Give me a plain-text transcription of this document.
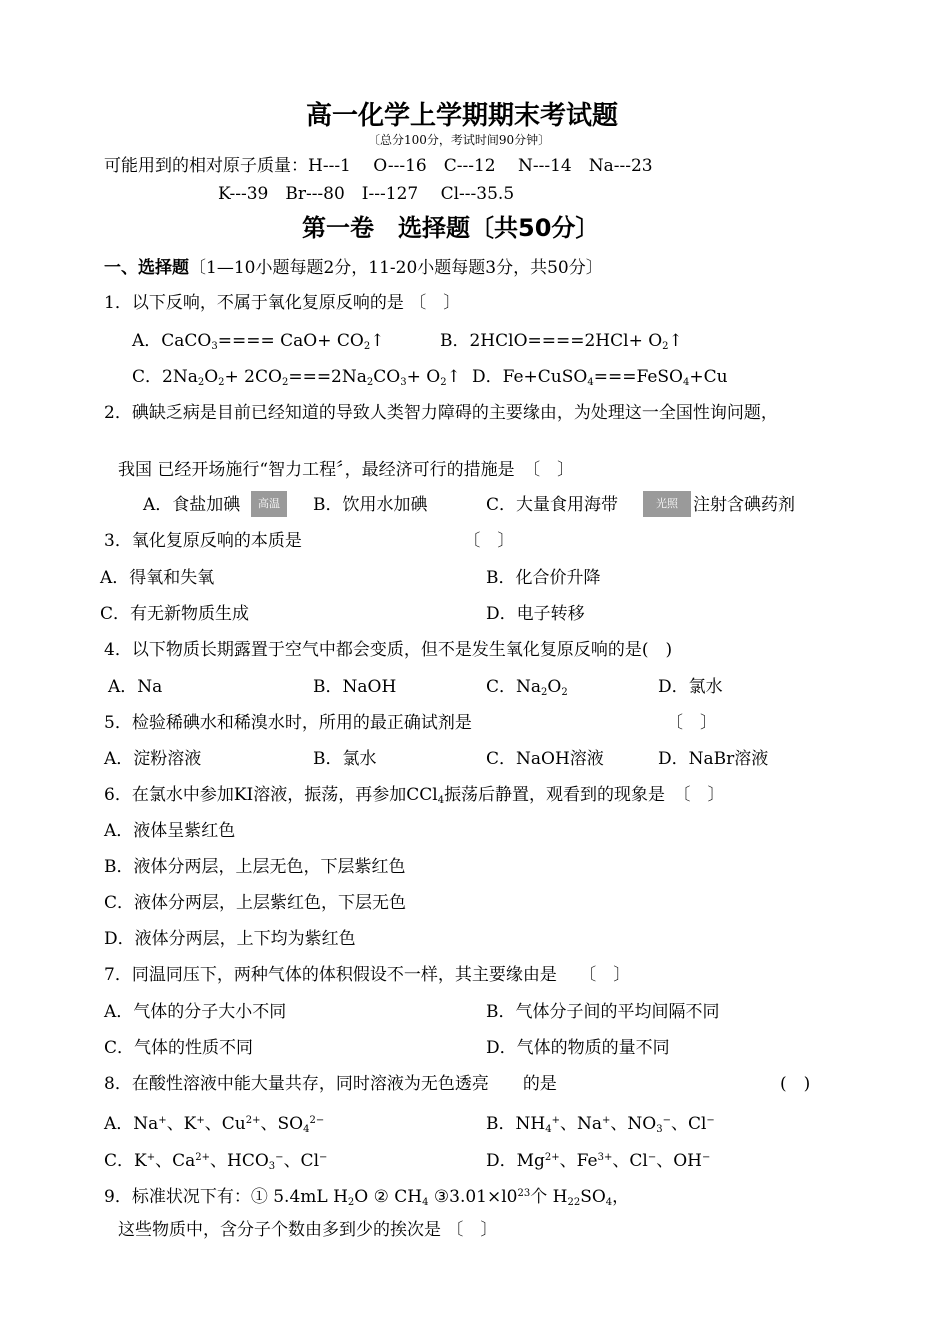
高一化学上学期期末考试题
〔总分100分，考试时间90分钟〕
可能用到的相对原子质量：H---1　 O---16　C---12　 N---14　Na---23
K---39　Br---80　I---127　 Cl---35.5
第一卷　选择题〔共50分〕
一、选择题〔1—10小题每题2分，11-20小题每题3分，共50分〕
1．以下反响，不属于氧化复原反响的是 〔　〕
A．CaCO$_3$==== $CaO+ CO_2↑$	B．2HClO====2HCl+ $O_2↑$
C．$2Na_2O_2+ 2CO_2===2Na_2CO_3+$ $O_2↑$ D．Fe+CuSO$_4$===FeSO$_4$+Cu
2．碘缺乏病是目前已经知道的导致人类智力障碍的主要缘由，为处理这一全国性询问题，
我国 已经开场施行“智力工程〞，最经济可行的措施是　〔　〕
A．食盐加碘	高温	B．饮用水加碘	C．大量食用海带	光照 注射含碘药剂
3．氧化复原反响的本质是　　　　　　　　　　〔　〕
A．得氧和失氧	B．化合价升降
C．有无新物质生成	D．电子转移
4．以下物质长期露置于空气中都会变质，但不是发生氧化复原反响的是(　)
A．Na	B．NaOH	C．$Na_2O_2$	D．氯水
5．检验稀碘水和稀溴水时，所用的最正确试剂是	〔　〕
A．淀粉溶液	B．氯水	C．NaOH溶液	D．NaBr溶液
6．在氯水中参加KI溶液，振荡，再参加CCl$_4$振荡后静置，观看到的现象是　〔　〕
A．液体呈紫红色
B．液体分两层，上层无色，下层紫红色
C．液体分两层，上层紫红色，下层无色
D．液体分两层，上下均为紫红色
7．同温同压下，两种气体的体积假设不一样，其主要缘由是　 〔　〕
A．气体的分子大小不同	B．气体分子间的平均间隔不同
C．气体的性质不同	D．气体的物质的量不同
8．在酸性溶液中能大量共存，同时溶液为无色透亮　　的是	(　)
A．Na+、K+、$Cu^{2+}$、$SO_4^{2-}$	B．$NH_4^+$、Na+、$NO_3^-$、Cl−
C．K+、$Ca^{2+}$、$HCO_3^-$、Cl−	D．$Mg^{2+}$、$Fe^{3+}$、Cl−、OH−
9．标准状况下有：① 5.4mL $H_2O$ ② $CH_4$ $③3.01\times l0^{23}$个 $H_{22}SO_4$，
这些物质中，含分子个数由多到少的挨次是 〔　〕
